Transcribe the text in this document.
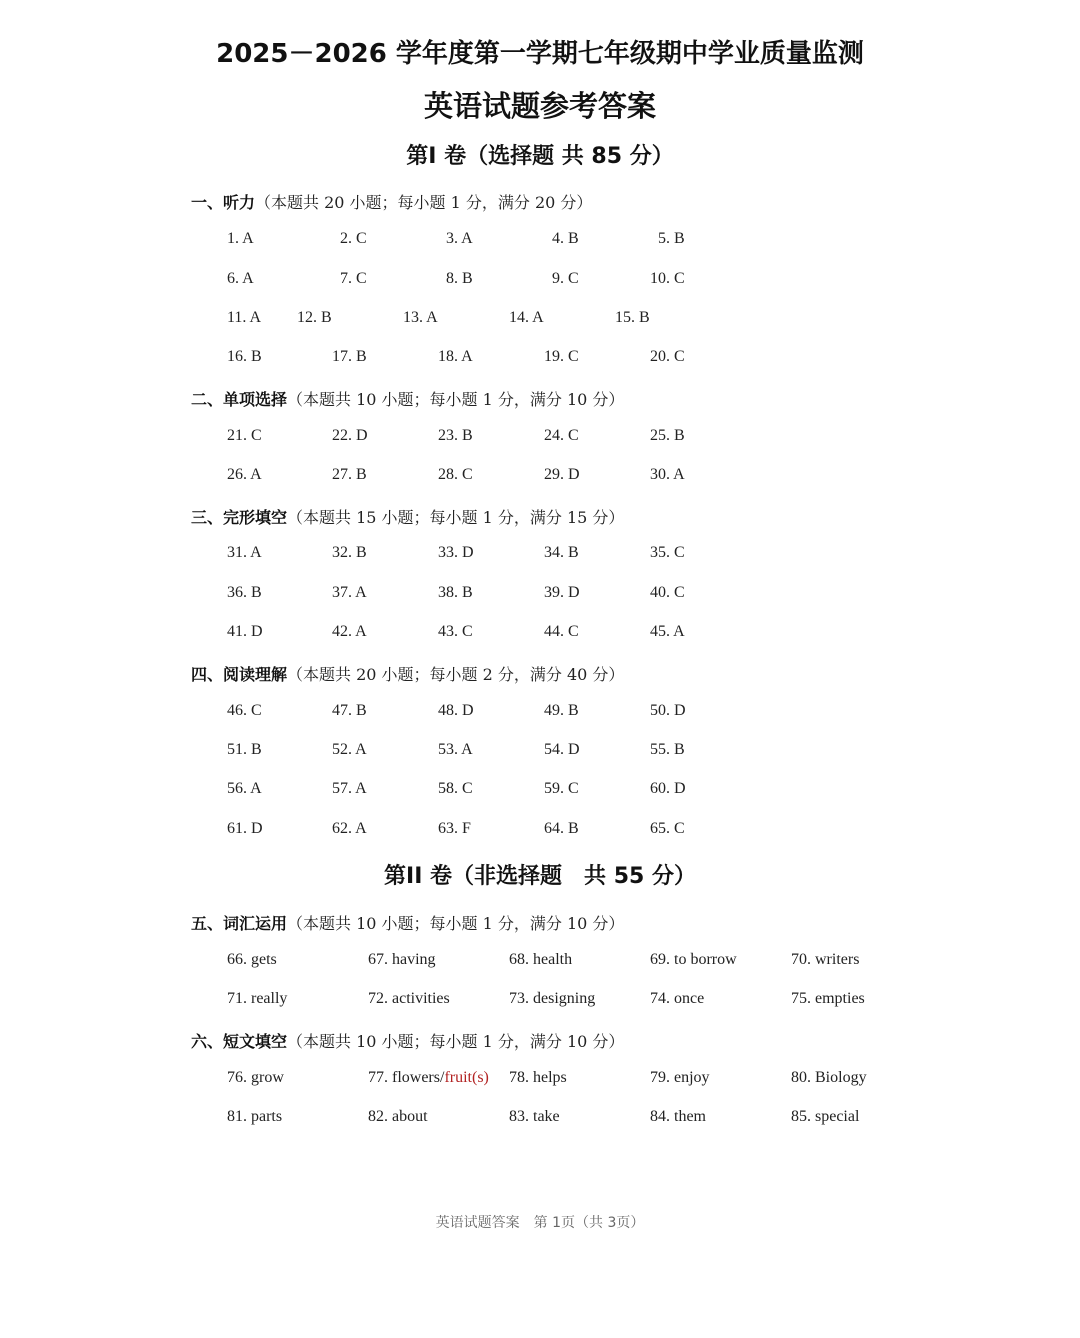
2025－2026 学年度第一学期七年级期中学业质量监测
英语试题参考答案
第I 卷（选择题 共 85 分）
一、听力（本题共 20 小题；每小题 1 分，满分 20 分）
1. A	2. C	3. A	4. B	5. B
6. A	7. C	8. B	9. C	10. C
11. A 12. B	13. A	14. A	15. B
16. B	17. B	18. A	19. C	20. C
二、单项选择（本题共 10 小题；每小题 1 分，满分 10 分）
21. C	22. D	23. B	24. C	25. B
26. A	27. B	28. C	29. D	30. A
三、完形填空（本题共 15 小题；每小题 1 分，满分 15 分）
31. A	32. B	33. D	34. B	35. C
36. B	37. A	38. B	39. D	40. C
41. D	42. A	43. C	44. C	45. A
四、阅读理解（本题共 20 小题；每小题 2 分，满分 40 分）
46. C	47. B	48. D	49. B	50. D
51. B	52. A	53. A	54. D	55. B
56. A	57. A	58. C	59. C	60. D
61. D	62. A	63. F	64. B	65. C
第II 卷（非选择题　共 55 分）
五、词汇运用（本题共 10 小题；每小题 1 分，满分 10 分）
66. gets	67. having	68. health	69. to borrow	70. writers
71. really	72. activities	73. designing	74. once	75. empties
六、短文填空（本题共 10 小题；每小题 1 分，满分 10 分）
76. grow	77. flowers/fruit(s) 78. helps	79. enjoy	80. Biology
81. parts	82. about	83. take	84. them	85. special
英语试题答案　第 1页（共 3页）
